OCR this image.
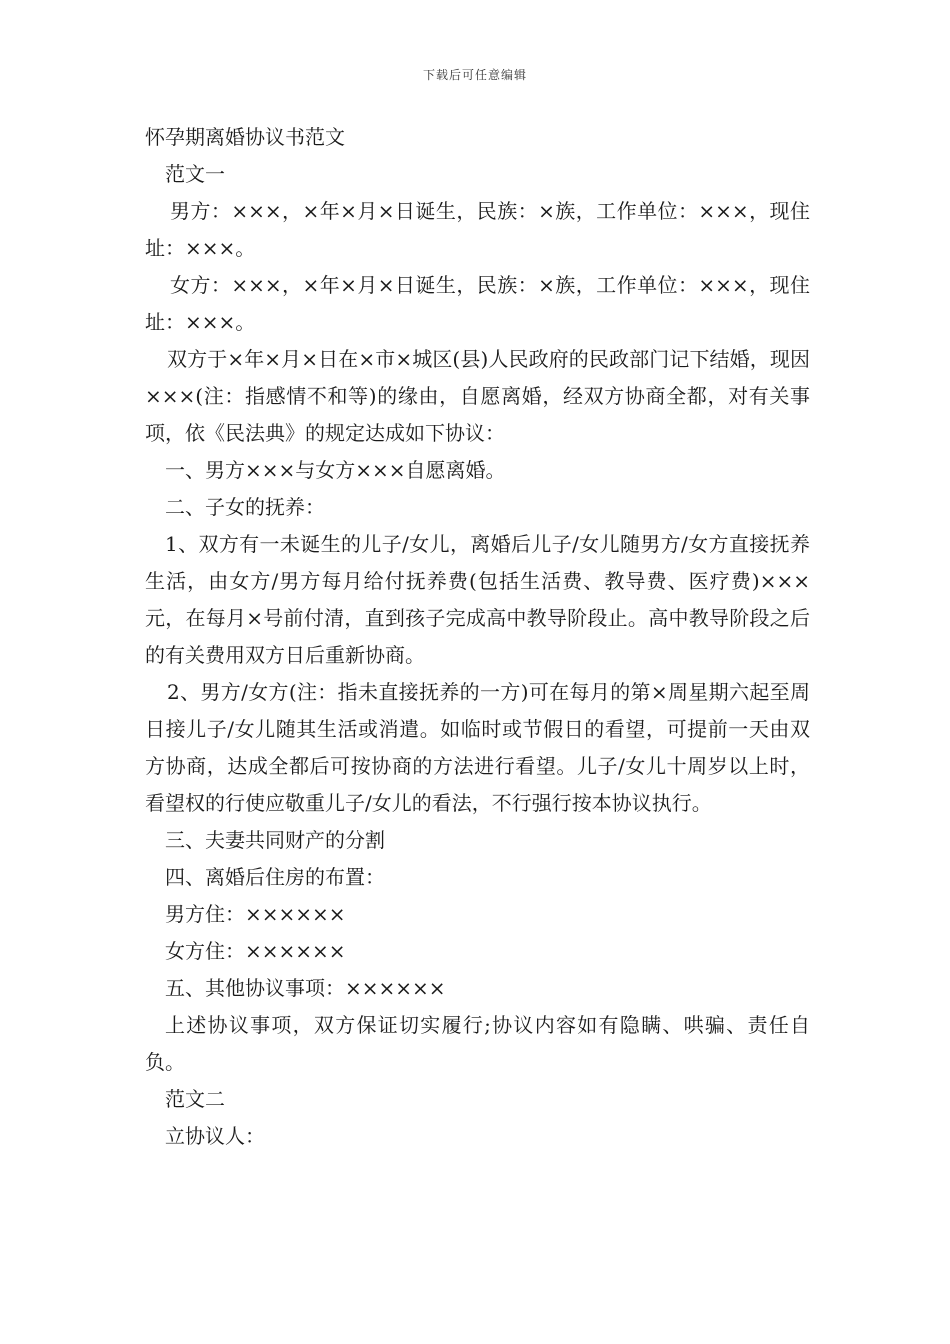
下载后可任意编辑

怀孕期离婚协议书范文

范文一

男方：×××，×年×月×日诞生，民族：×族，工作单位：×××，现住址：×××。

女方：×××，×年×月×日诞生，民族：×族，工作单位：×××，现住址：×××。

双方于×年×月×日在×市×城区(县)人民政府的民政部门记下结婚，现因×××(注：指感情不和等)的缘由，自愿离婚，经双方协商全都，对有关事项，依《民法典》的规定达成如下协议：

一、男方×××与女方×××自愿离婚。

二、子女的抚养：

1、双方有一未诞生的儿子/女儿，离婚后儿子/女儿随男方/女方直接抚养生活，由女方/男方每月给付抚养费(包括生活费、教导费、医疗费)×××元，在每月×号前付清，直到孩子完成高中教导阶段止。高中教导阶段之后的有关费用双方日后重新协商。

2、男方/女方(注：指未直接抚养的一方)可在每月的第×周星期六起至周日接儿子/女儿随其生活或消遣。如临时或节假日的看望，可提前一天由双方协商，达成全都后可按协商的方法进行看望。儿子/女儿十周岁以上时，看望权的行使应敬重儿子/女儿的看法，不行强行按本协议执行。

三、夫妻共同财产的分割

四、离婚后住房的布置：

男方住：××××××

女方住：××××××

五、其他协议事项：××××××

上述协议事项，双方保证切实履行;协议内容如有隐瞒、哄骗、责任自负。

范文二

立协议人：
